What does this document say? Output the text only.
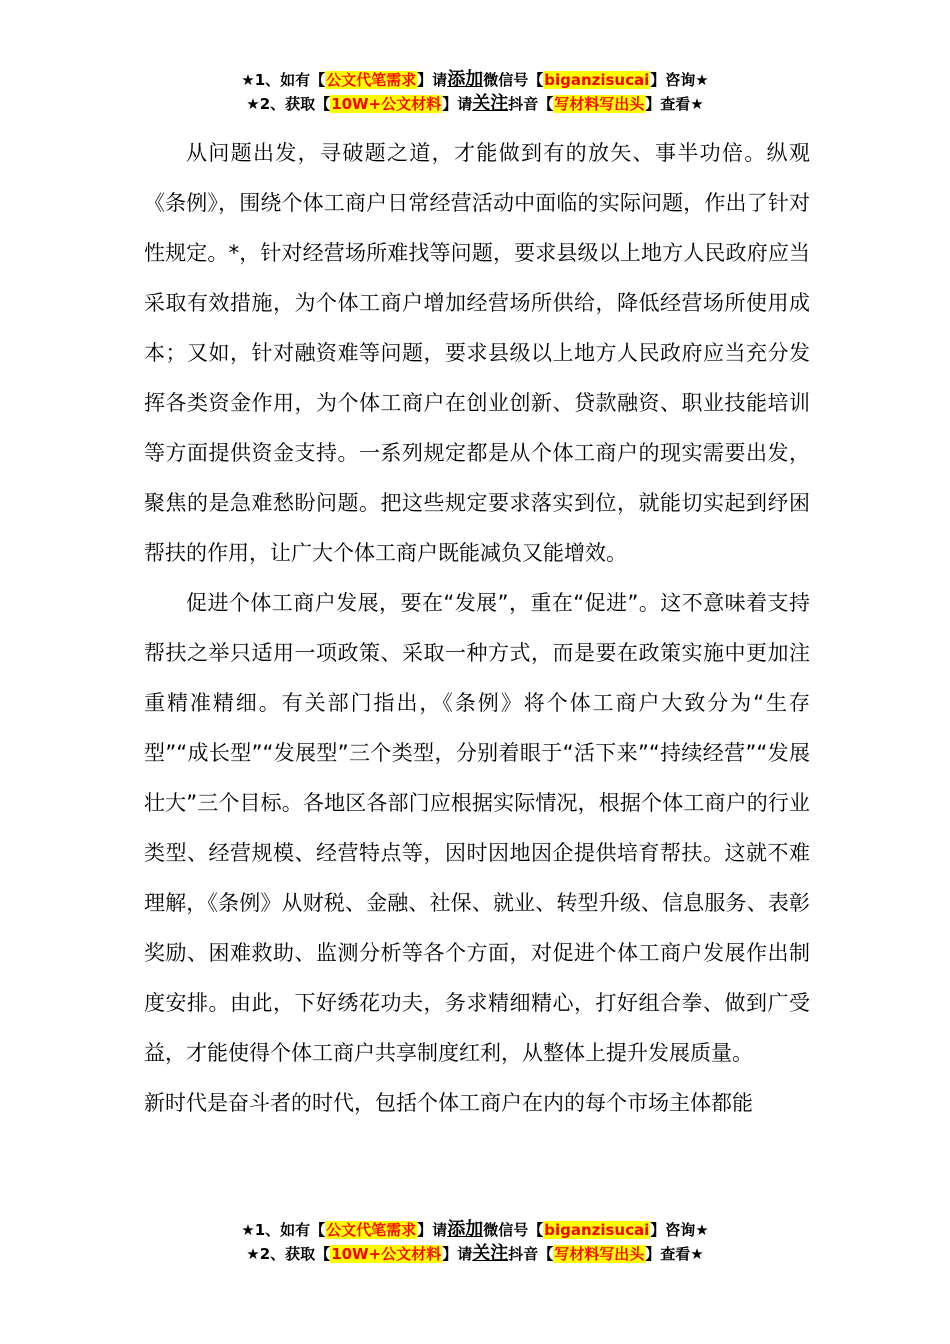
★1、如有【公文代笔需求】请添加微信号【biganzisucai】咨询★
★2、获取【10W+公文材料】请关注抖音【写材料写出头】查看★

从问题出发，寻破题之道，才能做到有的放矢、事半功倍。纵观《条例》，围绕个体工商户日常经营活动中面临的实际问题，作出了针对性规定。*，针对经营场所难找等问题，要求县级以上地方人民政府应当采取有效措施，为个体工商户增加经营场所供给，降低经营场所使用成本；又如，针对融资难等问题，要求县级以上地方人民政府应当充分发挥各类资金作用，为个体工商户在创业创新、贷款融资、职业技能培训等方面提供资金支持。一系列规定都是从个体工商户的现实需要出发，聚焦的是急难愁盼问题。把这些规定要求落实到位，就能切实起到纾困帮扶的作用，让广大个体工商户既能减负又能增效。

促进个体工商户发展，要在“发展”，重在“促进”。这不意味着支持帮扶之举只适用一项政策、采取一种方式，而是要在政策实施中更加注重精准精细。有关部门指出，《条例》将个体工商户大致分为“生存型”“成长型”“发展型”三个类型，分别着眼于“活下来”“持续经营”“发展壮大”三个目标。各地区各部门应根据实际情况，根据个体工商户的行业类型、经营规模、经营特点等，因时因地因企提供培育帮扶。这就不难理解，《条例》从财税、金融、社保、就业、转型升级、信息服务、表彰奖励、困难救助、监测分析等各个方面，对促进个体工商户发展作出制度安排。由此，下好绣花功夫，务求精细精心，打好组合拳、做到广受益，才能使得个体工商户共享制度红利，从整体上提升发展质量。

新时代是奋斗者的时代，包括个体工商户在内的每个市场主体都能

★1、如有【公文代笔需求】请添加微信号【biganzisucai】咨询★
★2、获取【10W+公文材料】请关注抖音【写材料写出头】查看★
